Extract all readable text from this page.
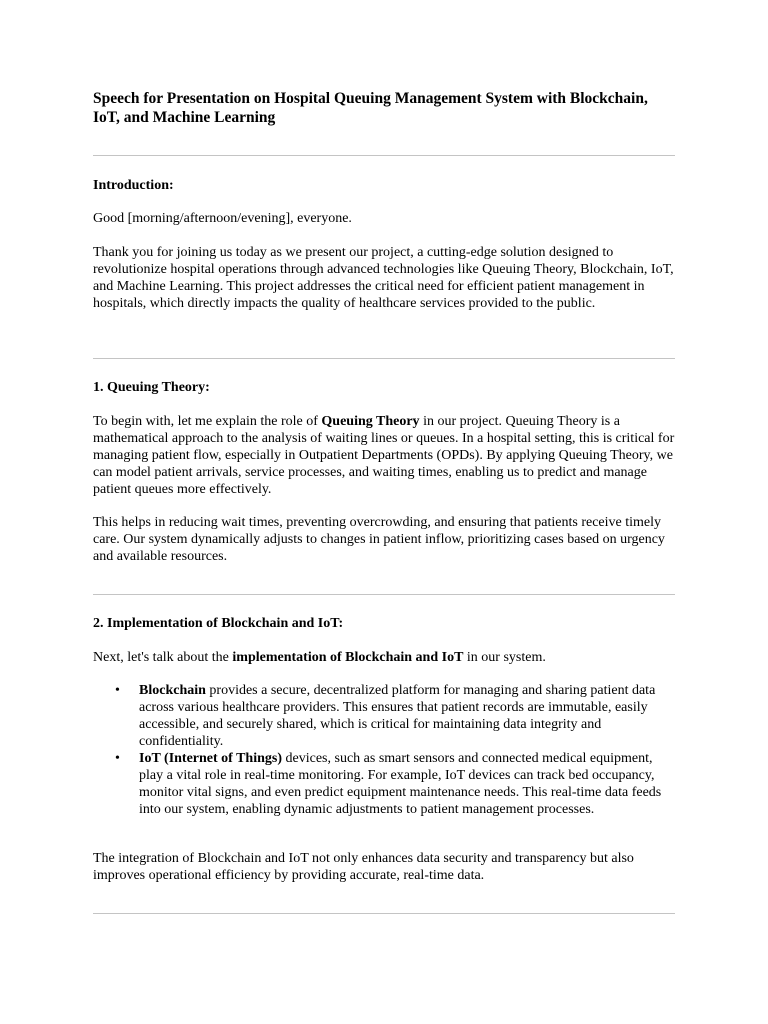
Speech for Presentation on Hospital Queuing Management System with Blockchain, IoT, and Machine Learning
Introduction:

Good [morning/afternoon/evening], everyone.

Thank you for joining us today as we present our project, a cutting-edge solution designed to revolutionize hospital operations through advanced technologies like Queuing Theory, Blockchain, IoT, and Machine Learning. This project addresses the critical need for efficient patient management in hospitals, which directly impacts the quality of healthcare services provided to the public.

1. Queuing Theory:

To begin with, let me explain the role of Queuing Theory in our project. Queuing Theory is a mathematical approach to the analysis of waiting lines or queues. In a hospital setting, this is critical for managing patient flow, especially in Outpatient Departments (OPDs). By applying Queuing Theory, we can model patient arrivals, service processes, and waiting times, enabling us to predict and manage patient queues more effectively.

This helps in reducing wait times, preventing overcrowding, and ensuring that patients receive timely care. Our system dynamically adjusts to changes in patient inflow, prioritizing cases based on urgency and available resources.

2. Implementation of Blockchain and IoT:

Next, let's talk about the implementation of Blockchain and IoT in our system.

• Blockchain provides a secure, decentralized platform for managing and sharing patient data across various healthcare providers. This ensures that patient records are immutable, easily accessible, and securely shared, which is critical for maintaining data integrity and confidentiality.
• IoT (Internet of Things) devices, such as smart sensors and connected medical equipment, play a vital role in real-time monitoring. For example, IoT devices can track bed occupancy, monitor vital signs, and even predict equipment maintenance needs. This real-time data feeds into our system, enabling dynamic adjustments to patient management processes.

The integration of Blockchain and IoT not only enhances data security and transparency but also improves operational efficiency by providing accurate, real-time data.
